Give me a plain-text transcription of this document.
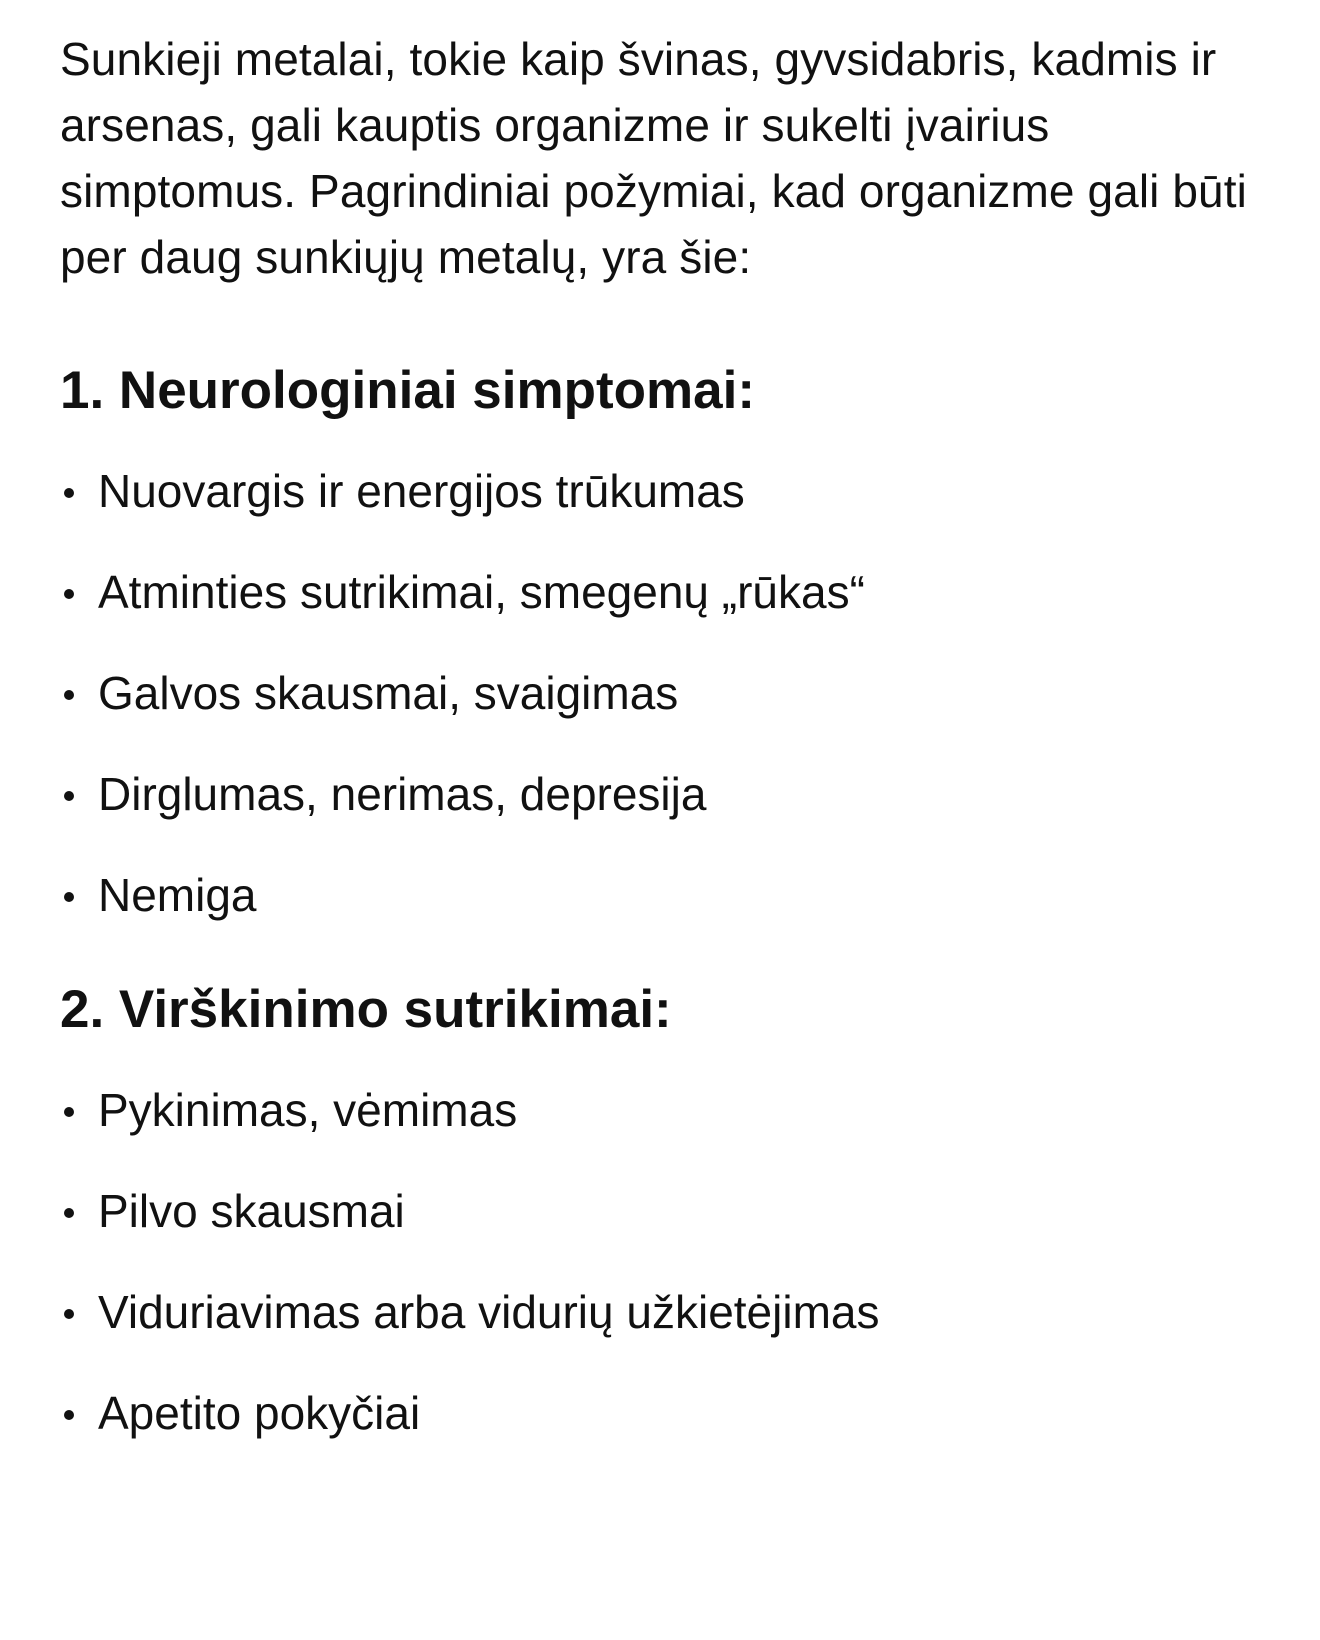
Sunkieji metalai, tokie kaip švinas, gyvsidabris, kadmis ir arsenas, gali kauptis organizme ir sukelti įvairius simptomus. Pagrindiniai požymiai, kad organizme gali būti per daug sunkiųjų metalų, yra šie:

1. Neurologiniai simptomai:
Nuovargis ir energijos trūkumas
Atminties sutrikimai, smegenų „rūkas“
Galvos skausmai, svaigimas
Dirglumas, nerimas, depresija
Nemiga
2. Virškinimo sutrikimai:
Pykinimas, vėmimas
Pilvo skausmai
Viduriavimas arba vidurių užkietėjimas
Apetito pokyčiai
